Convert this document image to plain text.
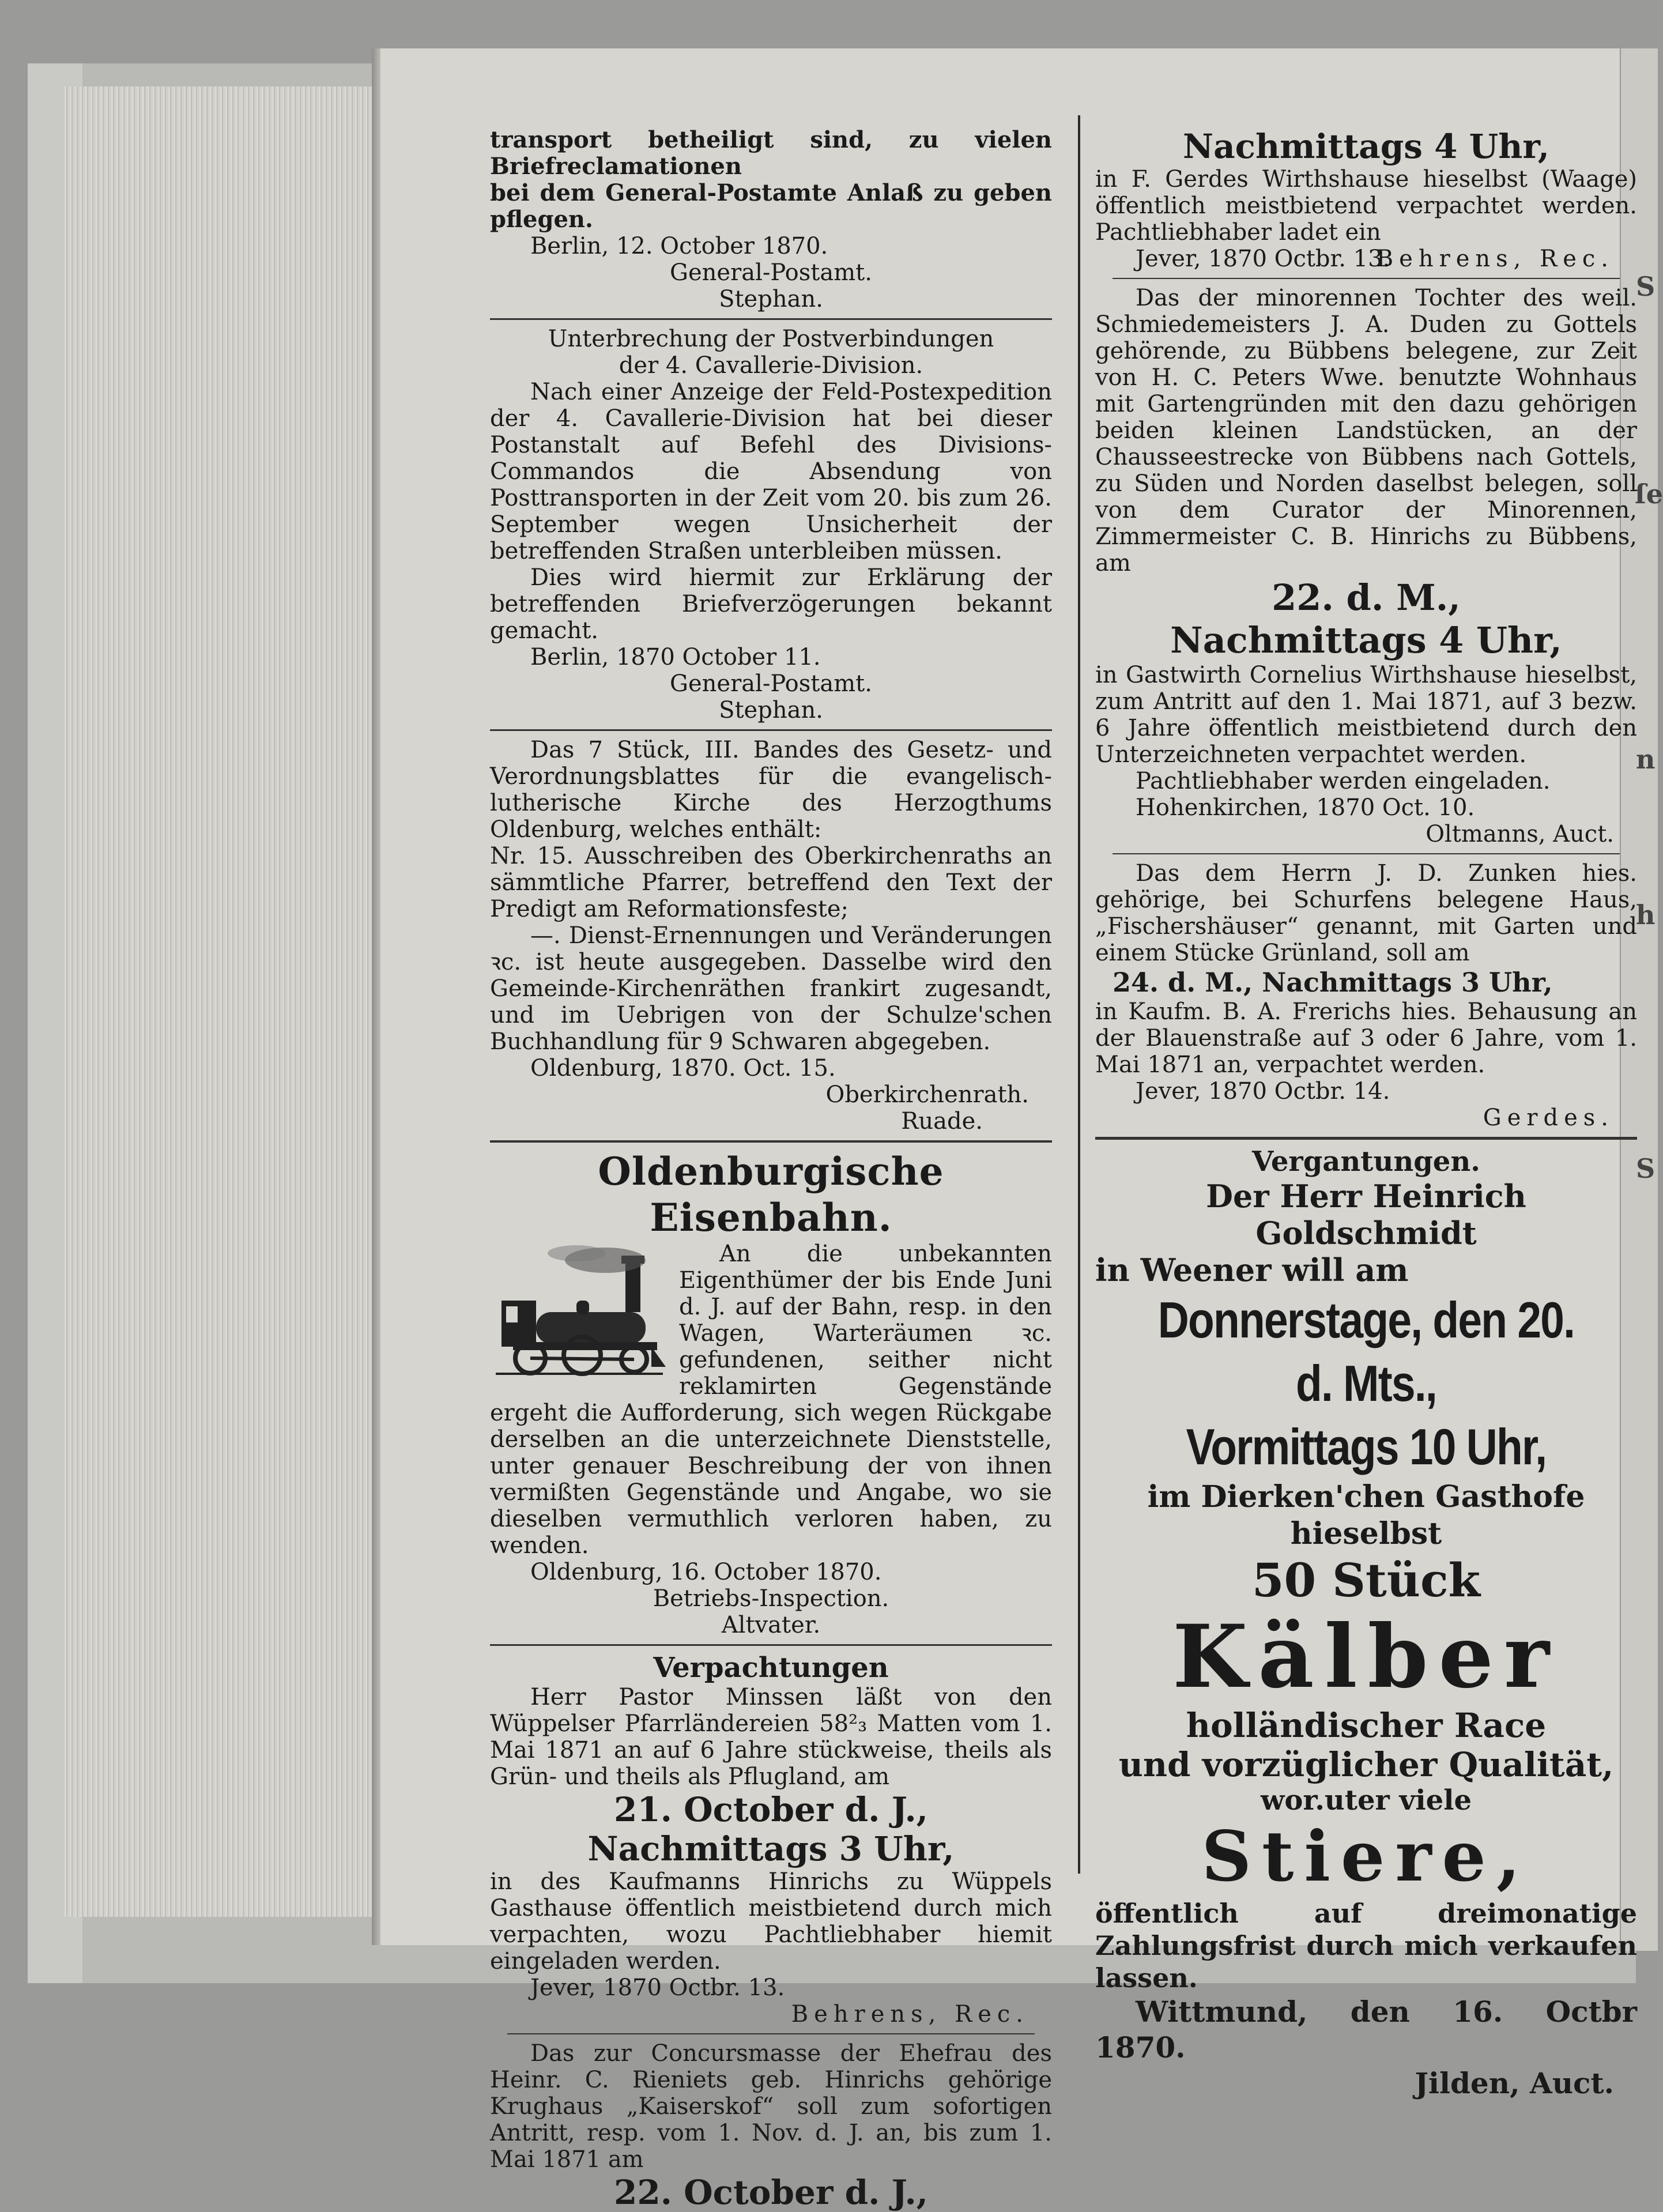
S
ſe
n
h
S

transport betheiligt sind, zu vielen Briefreclamationen

bei dem General-Postamte Anlaß zu geben pflegen.

Berlin, 12. October 1870.

General-Postamt.

Stephan.

Unterbrechung der Postverbindungen

der 4. Cavallerie-Division.

Nach einer Anzeige der Feld-Postexpedition der 4. Cavallerie-Division hat bei dieser Postanstalt auf Befehl des Divisions-Commandos die Absendung von Posttransporten in der Zeit vom 20. bis zum 26. September wegen Unsicherheit der betreffenden Straßen unterbleiben müssen.

Dies wird hiermit zur Erklärung der betreffenden Briefverzögerungen bekannt gemacht.

Berlin, 1870 October 11.

General-Postamt.

Stephan.

Das 7 Stück, III. Bandes des Gesetz- und Verordnungsblattes für die evangelisch-lutherische Kirche des Herzogthums Oldenburg, welches enthält:

Nr. 15. Ausschreiben des Oberkirchenraths an sämmtliche Pfarrer, betreffend den Text der Predigt am Reformationsfeste;

—. Dienst-Ernennungen und Veränderungen ꝛc. ist heute ausgegeben. Dasselbe wird den Gemeinde-Kirchenräthen frankirt zugesandt, und im Uebrigen von der Schulze'schen Buchhandlung für 9 Schwaren abgegeben.

Oldenburg, 1870. Oct. 15.

Oberkirchenrath.

Ruade.

Oldenburgische Eisenbahn.

An die unbekannten Eigenthümer der bis Ende Juni d. J. auf der Bahn, resp. in den Wagen, Warteräumen ꝛc. gefundenen, seither nicht reklamirten Gegenstände ergeht die Aufforderung, sich wegen Rückgabe derselben an die unterzeichnete Dienststelle, unter genauer Beschreibung der von ihnen vermißten Gegenstände und Angabe, wo sie dieselben vermuthlich verloren haben, zu wenden.

Oldenburg, 16. October 1870.

Betriebs-Inspection.

Altvater.

Verpachtungen

Herr Pastor Minssen läßt von den Wüppelser Pfarrländereien 58²₃ Matten vom 1. Mai 1871 an auf 6 Jahre stückweise, theils als Grün- und theils als Pflugland, am

21. October d. J.,

Nachmittags 3 Uhr,

in des Kaufmanns Hinrichs zu Wüppels Gasthause öffentlich meistbietend durch mich verpachten, wozu Pachtliebhaber hiemit eingeladen werden.

Jever, 1870 Octbr. 13.

Behrens, Rec.

Das zur Concursmasse der Ehefrau des Heinr. C. Rieniets geb. Hinrichs gehörige Krughaus „Kaiserskof“ soll zum sofortigen Antritt, resp. vom 1. Nov. d. J. an, bis zum 1. Mai 1871 am

22. October d. J.,

Nachmittags 4 Uhr,

in F. Gerdes Wirthshause hieselbst (Waage) öffentlich meistbietend verpachtet werden. Pachtliebhaber ladet ein

Behrens, Rec.

Jever, 1870 Octbr. 13.

Das der minorennen Tochter des weil. Schmiedemeisters J. A. Duden zu Gottels gehörende, zu Bübbens belegene, zur Zeit von H. C. Peters Wwe. benutzte Wohnhaus mit Gartengründen mit den dazu gehörigen beiden kleinen Landstücken, an der Chausseestrecke von Bübbens nach Gottels, zu Süden und Norden daselbst belegen, soll von dem Curator der Minorennen, Zimmermeister C. B. Hinrichs zu Bübbens, am

22. d. M.,

Nachmittags 4 Uhr,

in Gastwirth Cornelius Wirthshause hieselbst, zum Antritt auf den 1. Mai 1871, auf 3 bezw. 6 Jahre öffentlich meistbietend durch den Unterzeichneten verpachtet werden.

Pachtliebhaber werden eingeladen.

Hohenkirchen, 1870 Oct. 10.

Oltmanns, Auct.

Das dem Herrn J. D. Zunken hies. gehörige, bei Schurfens belegene Haus, „Fischershäuser“ genannt, mit Garten und einem Stücke Grünland, soll am

24. d. M., Nachmittags 3 Uhr,

in Kaufm. B. A. Frerichs hies. Behausung an der Blauenstraße auf 3 oder 6 Jahre, vom 1. Mai 1871 an, verpachtet werden.

Jever, 1870 Octbr. 14.

Gerdes.

Vergantungen.

Der Herr Heinrich Goldschmidt

in Weener will am

Donnerstage, den 20. d. Mts.,

Vormittags 10 Uhr,

im Dierken'chen Gasthofe hieselbst

50 Stück

Kälber

holländischer Race

und vorzüglicher Qualität,

wor.uter viele

Stiere,

öffentlich auf dreimonatige Zahlungsfrist durch mich verkaufen lassen.

Wittmund, den 16. Octbr 1870.

Jilden, Auct.
